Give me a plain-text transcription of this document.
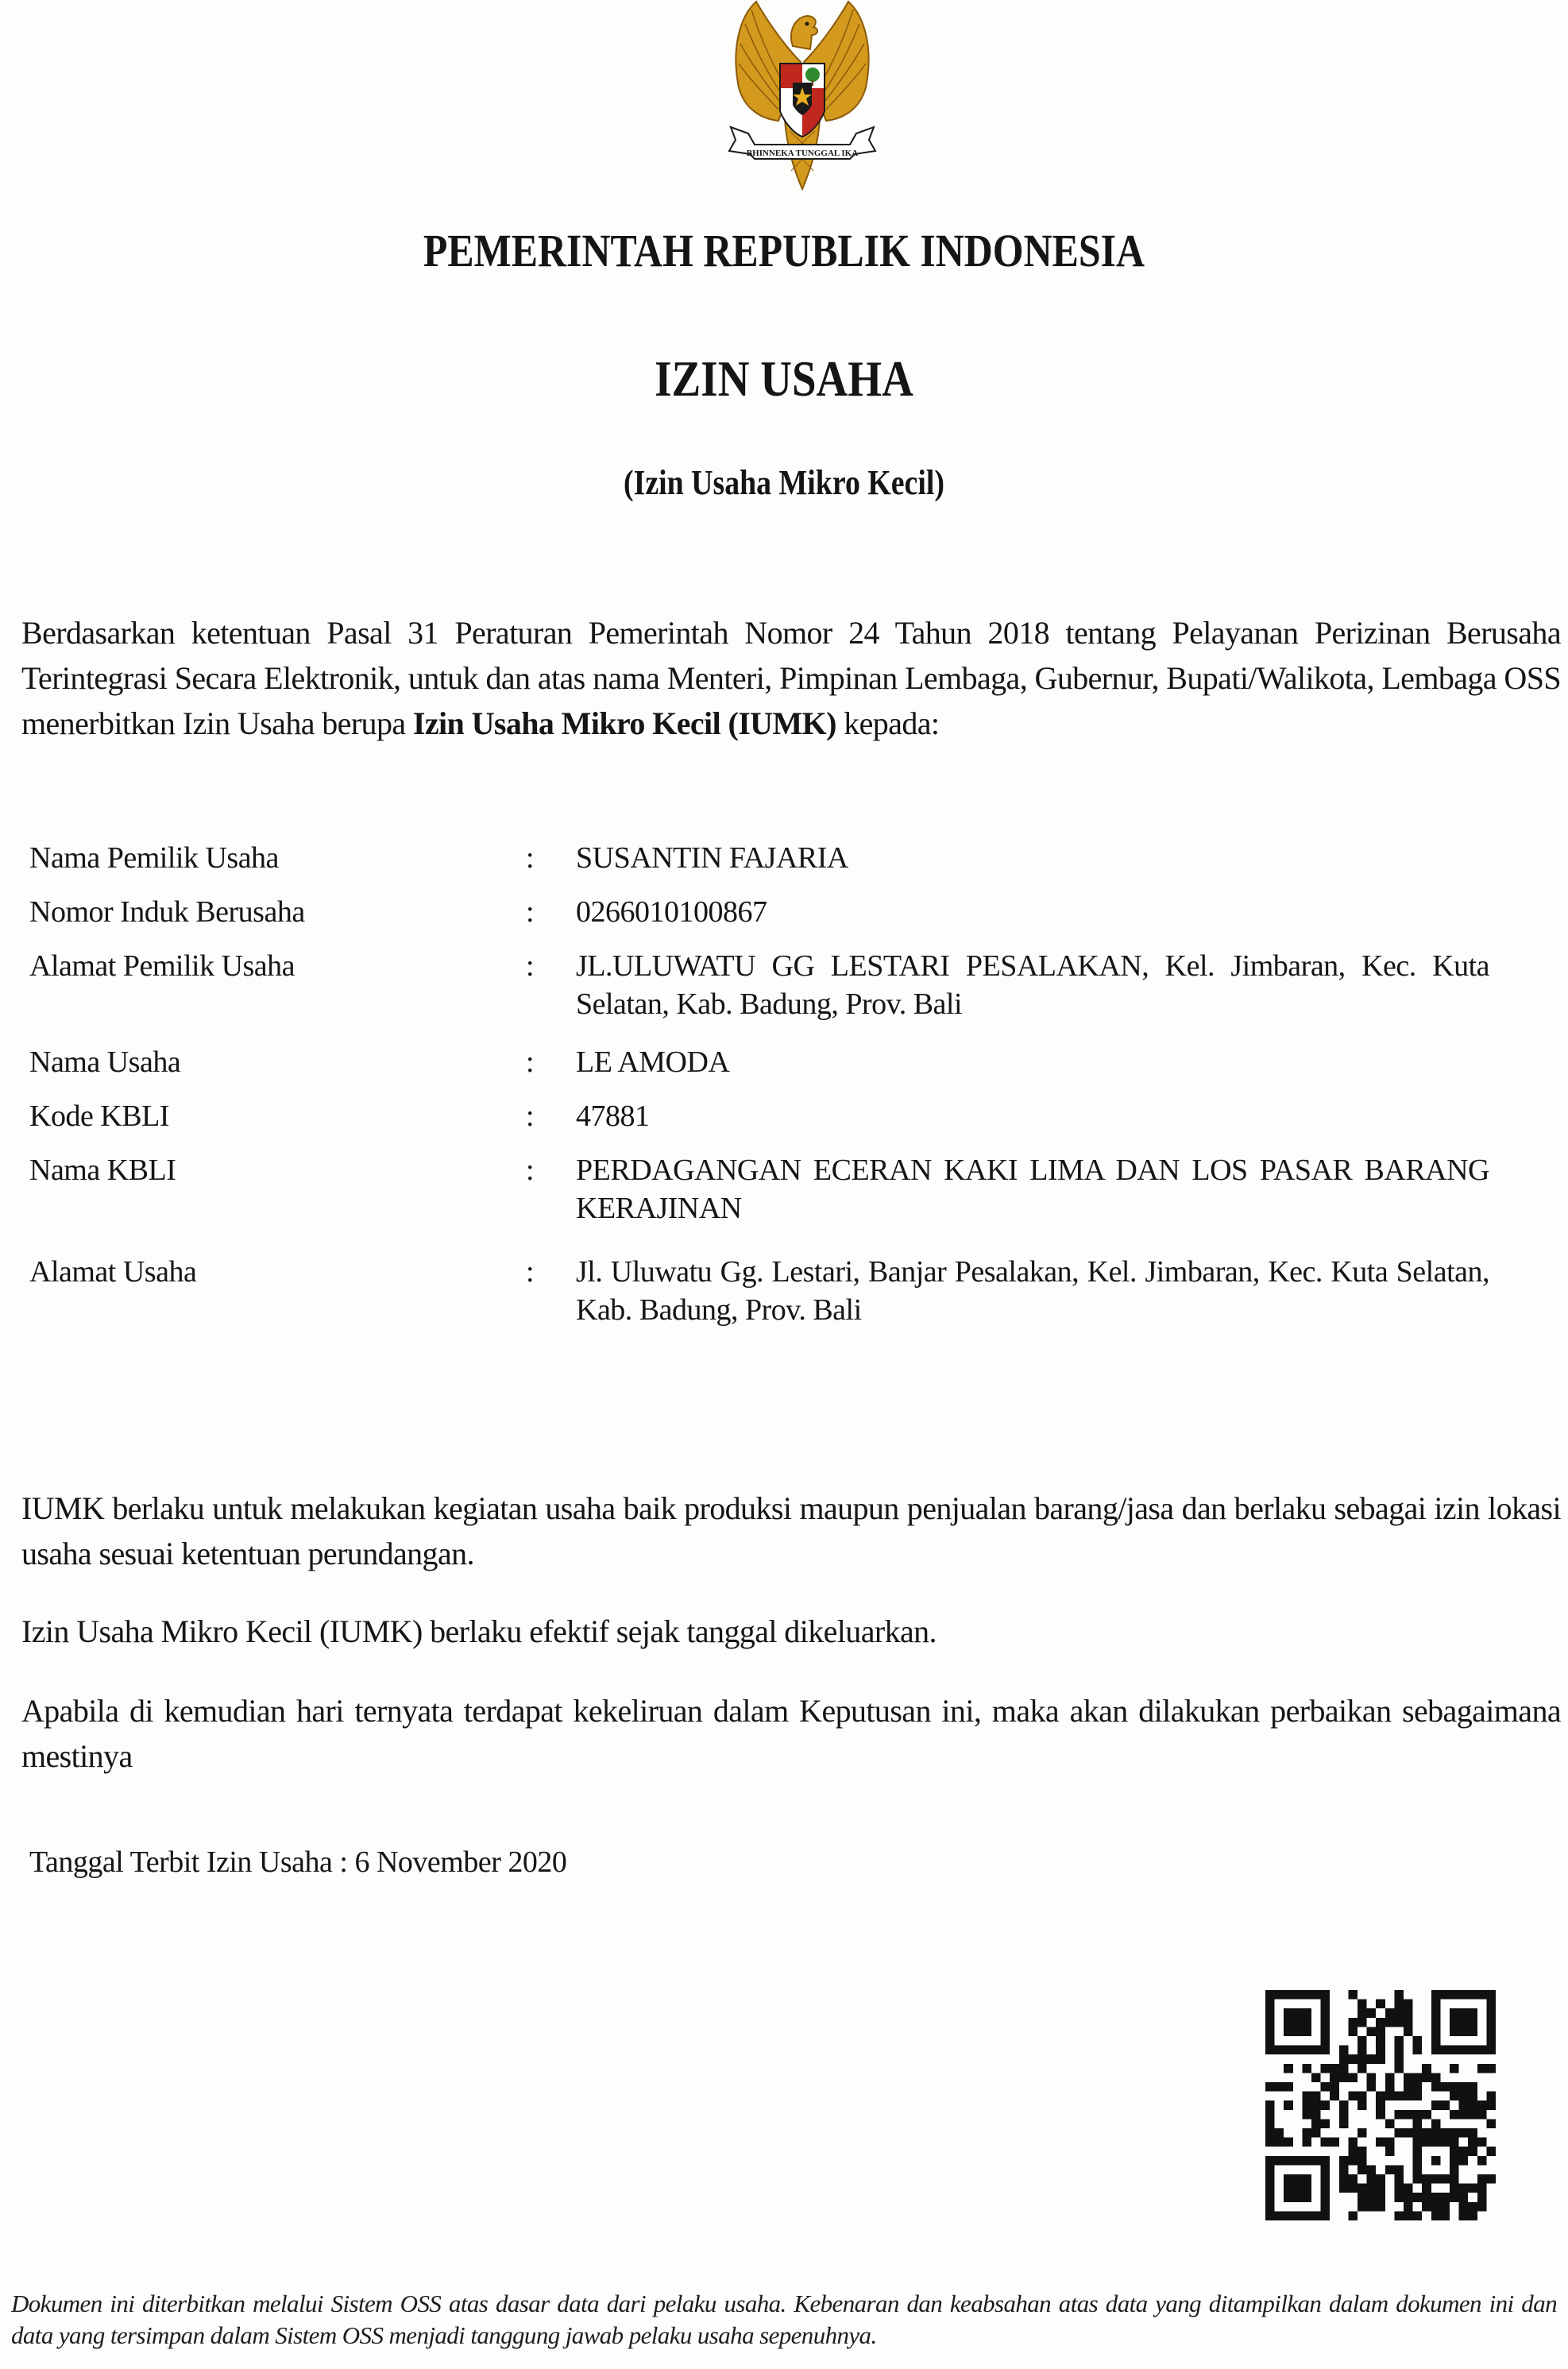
BHINNEKA TUNGGAL IKA
PEMERINTAH REPUBLIK INDONESIA
IZIN USAHA
(Izin Usaha Mikro Kecil)
Berdasarkan ketentuan Pasal 31 Peraturan Pemerintah Nomor 24 Tahun 2018 tentang Pelayanan Perizinan Berusaha Terintegrasi Secara Elektronik, untuk dan atas nama Menteri, Pimpinan Lembaga, Gubernur, Bupati/Walikota, Lembaga OSS menerbitkan Izin Usaha berupa Izin Usaha Mikro Kecil (IUMK) kepada:
Nama Pemilik Usaha	: SUSANTIN FAJARIA
Nomor Induk Berusaha	: 0266010100867
Alamat Pemilik Usaha	: JL.ULUWATU GG LESTARI PESALAKAN, Kel. Jimbaran, Kec. Kuta Selatan, Kab. Badung, Prov. Bali
Nama Usaha	: LE AMODA
Kode KBLI	: 47881
Nama KBLI	: PERDAGANGAN ECERAN KAKI LIMA DAN LOS PASAR BARANG KERAJINAN
Alamat Usaha	: Jl. Uluwatu Gg. Lestari, Banjar Pesalakan, Kel. Jimbaran, Kec. Kuta Selatan, Kab. Badung, Prov. Bali
IUMK berlaku untuk melakukan kegiatan usaha baik produksi maupun penjualan barang/jasa dan berlaku sebagai izin lokasi usaha sesuai ketentuan perundangan.
Izin Usaha Mikro Kecil (IUMK) berlaku efektif sejak tanggal dikeluarkan.
Apabila di kemudian hari ternyata terdapat kekeliruan dalam Keputusan ini, maka akan dilakukan perbaikan sebagaimana mestinya
Tanggal Terbit Izin Usaha : 6 November 2020
Dokumen ini diterbitkan melalui Sistem OSS atas dasar data dari pelaku usaha. Kebenaran dan keabsahan atas data yang ditampilkan dalam dokumen ini dan data yang tersimpan dalam Sistem OSS menjadi tanggung jawab pelaku usaha sepenuhnya.
